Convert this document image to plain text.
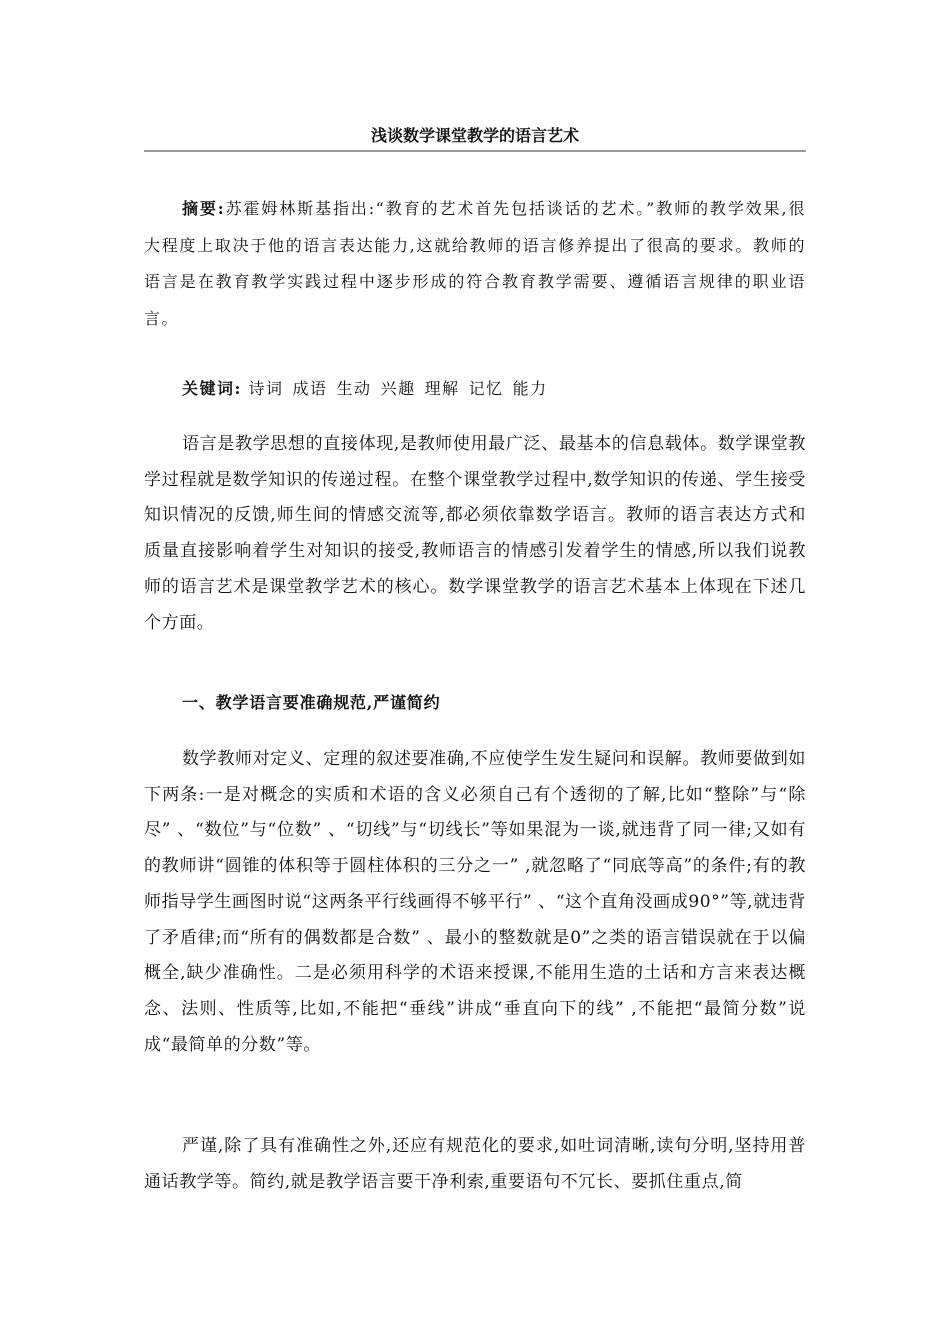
浅谈数学课堂教学的语言艺术

摘要:苏霍姆林斯基指出:“教育的艺术首先包括谈话的艺术。”教师的教学效果,很大程度上取决于他的语言表达能力,这就给教师的语言修养提出了很高的要求。教师的语言是在教育教学实践过程中逐步形成的符合教育教学需要、遵循语言规律的职业语言。

关键词: 诗词 成语 生动 兴趣 理解 记忆 能力

语言是教学思想的直接体现,是教师使用最广泛、最基本的信息载体。数学课堂教学过程就是数学知识的传递过程。在整个课堂教学过程中,数学知识的传递、学生接受知识情况的反馈,师生间的情感交流等,都必须依靠数学语言。教师的语言表达方式和质量直接影响着学生对知识的接受,教师语言的情感引发着学生的情感,所以我们说教师的语言艺术是课堂教学艺术的核心。数学课堂教学的语言艺术基本上体现在下述几个方面。

一、教学语言要准确规范,严谨简约

数学教师对定义、定理的叙述要准确,不应使学生发生疑问和误解。教师要做到如下两条:一是对概念的实质和术语的含义必须自己有个透彻的了解,比如“整除”与“除尽” 、“数位”与“位数” 、“切线”与“切线长”等如果混为一谈,就违背了同一律;又如有的教师讲“圆锥的体积等于圆柱体积的三分之一” ,就忽略了“同底等高”的条件;有的教师指导学生画图时说“这两条平行线画得不够平行” 、“这个直角没画成90°”等,就违背了矛盾律;而“所有的偶数都是合数” 、最小的整数就是0”之类的语言错误就在于以偏概全,缺少准确性。二是必须用科学的术语来授课,不能用生造的土话和方言来表达概念、法则、性质等,比如,不能把“垂线”讲成“垂直向下的线” ,不能把“最简分数”说成“最简单的分数”等。

严谨,除了具有准确性之外,还应有规范化的要求,如吐词清晰,读句分明,坚持用普通话教学等。简约,就是教学语言要干净利索,重要语句不冗长、要抓住重点,简
